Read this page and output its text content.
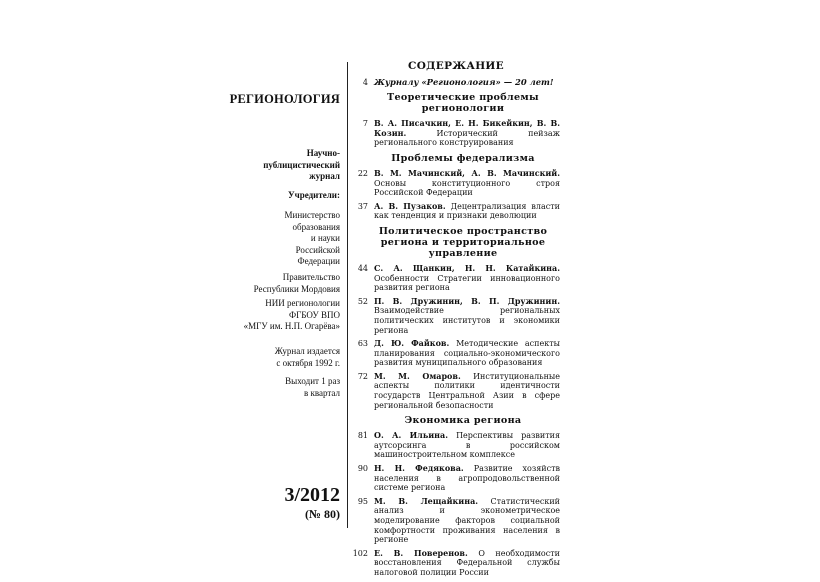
РЕГИОНОЛОГИЯ
Научно-
публицистический
журнал
Учредители:
Министерство
образования
и науки
Российской
Федерации
Правительство
Республики Мордовия
НИИ регионологии
ФГБОУ ВПО
«МГУ им. Н.П. Огарёва»
Журнал издается
с октября 1992 г.
Выходит 1 раз
в квартал
3/2012
(№ 80)
СОДЕРЖАНИЕ
4 Журналу «Регионология» — 20 лет!
Теоретические проблемы регионологии
7 В. А. Писачкин, Е. Н. Бикейкин, В. В. Козин.	Исторический пейзаж регионального конструирования
Проблемы федерализма
22 В. М. Мачинский, А. В. Мачинский. Основы конституционного строя Российской Федерации
37 А. В. Пузаков. Децентрализация власти как тенденция и признаки деволюции
Политическое пространство региона и территориальное управление
44 С. А. Щанкин, Н. Н. Катайкина. Особенности Стратегии инновационного развития региона
52 П. В. Дружинин, В. П. Дружинин. Взаимодействие региональных политических институтов и экономики региона
63 Д. Ю. Файков. Методические аспекты планирования социально-экономического развития муниципального образования
72 М. М. Омаров. Институциональные аспекты политики идентичности государств Центральной Азии в сфере региональной безопасности
Экономика региона
81 О. А. Ильина. Перспективы развития аутсорсинга в российском машиностроительном комплексе
90 Н. Н. Федякова. Развитие хозяйств населения в агропродовольственной системе региона
95 М. В. Лещайкина. Статистический анализ и эконометрическое моделирование факторов социальной комфортности проживания населения в регионе
102 Е. В. Поверенов. О необходимости восстановления Федеральной службы налоговой полиции России
